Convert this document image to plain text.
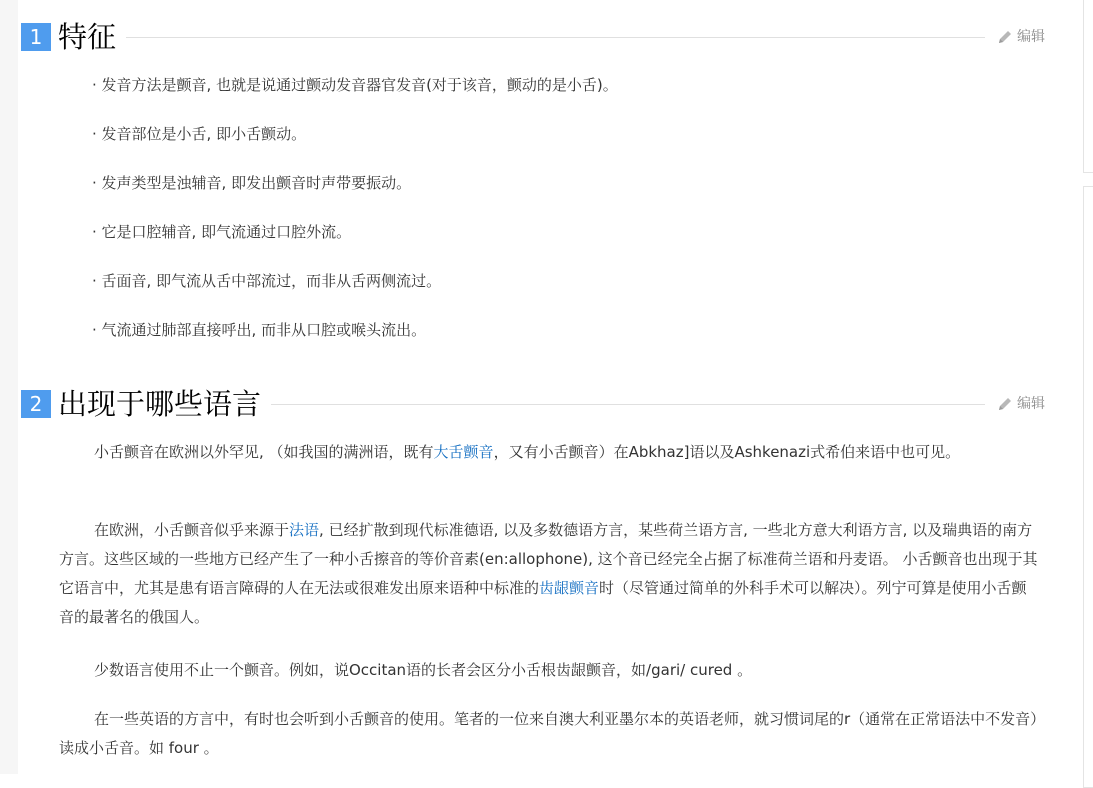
1 特征	编辑
· 发音方法是颤音, 也就是说通过颤动发音器官发音(对于该音，颤动的是小舌)。
· 发音部位是小舌, 即小舌颤动。
· 发声类型是浊辅音, 即发出颤音时声带要振动。
· 它是口腔辅音, 即气流通过口腔外流。
· 舌面音, 即气流从舌中部流过，而非从舌两侧流过。
· 气流通过肺部直接呼出, 而非从口腔或喉头流出。
2 出现于哪些语言	编辑

小舌颤音在欧洲以外罕见, （如我国的满洲语，既有大舌颤音，又有小舌颤音）在Abkhaz]语以及Ashkenazi式希伯来语中也可见。

在欧洲，小舌颤音似乎来源于法语, 已经扩散到现代标准德语, 以及多数德语方言，某些荷兰语方言, 一些北方意大利语方言, 以及瑞典语的南方方言。这些区域的一些地方已经产生了一种小舌擦音的等价音素(en:allophone), 这个音已经完全占据了标准荷兰语和丹麦语。 小舌颤音也出现于其它语言中，尤其是患有语言障碍的人在无法或很难发出原来语种中标准的齿龈颤音时（尽管通过简单的外科手术可以解决）。列宁可算是使用小舌颤音的最著名的俄国人。

少数语言使用不止一个颤音。例如，说Occitan语的长者会区分小舌根齿龈颤音，如/gari/ cured 。

在一些英语的方言中，有时也会听到小舌颤音的使用。笔者的一位来自澳大利亚墨尔本的英语老师，就习惯词尾的r（通常在正常语法中不发音）读成小舌音。如 four 。
